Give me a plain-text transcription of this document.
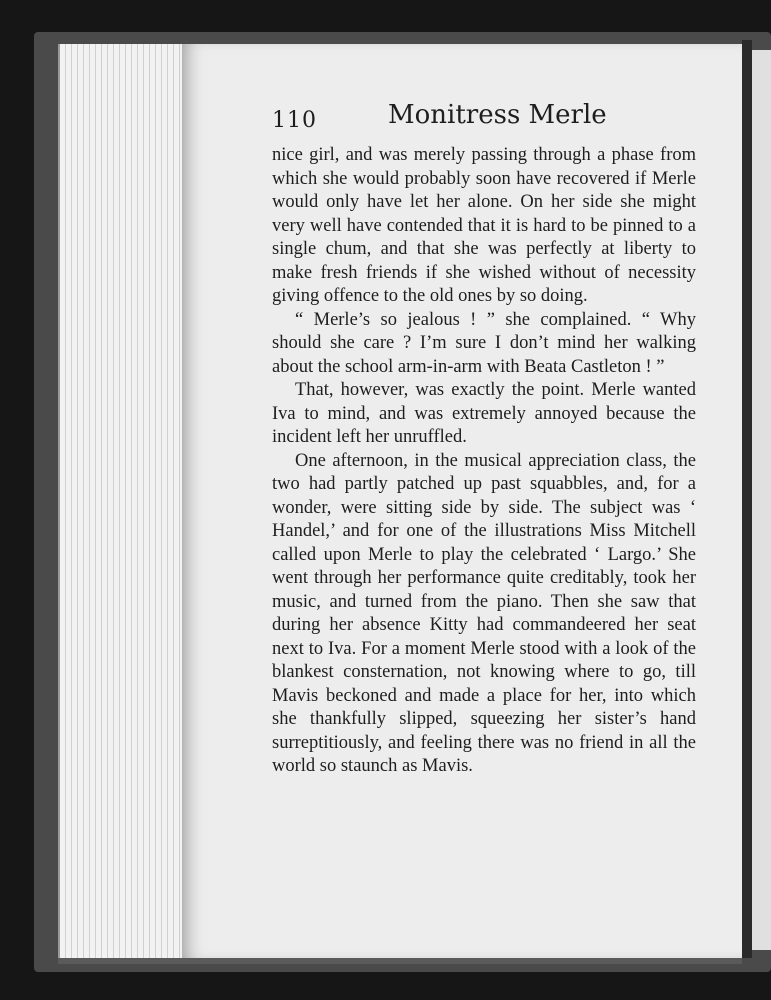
110	Monitress Merle

nice girl, and was merely passing through a phase from which she would probably soon have recovered if Merle would only have let her alone. On her side she might very well have contended that it is hard to be pinned to a single chum, and that she was perfectly at liberty to make fresh friends if she wished without of necessity giving offence to the old ones by so doing.

“ Merle’s so jealous ! ” she complained. “ Why should she care ? I’m sure I don’t mind her walking about the school arm-in-arm with Beata Castleton ! ”

That, however, was exactly the point. Merle wanted Iva to mind, and was extremely annoyed because the incident left her unruffled.

One afternoon, in the musical appreciation class, the two had partly patched up past squabbles, and, for a wonder, were sitting side by side. The subject was ‘ Handel,’ and for one of the illustrations Miss Mitchell called upon Merle to play the celebrated ‘ Largo.’ She went through her performance quite creditably, took her music, and turned from the piano. Then she saw that during her absence Kitty had commandeered her seat next to Iva. For a moment Merle stood with a look of the blankest consternation, not knowing where to go, till Mavis beckoned and made a place for her, into which she thankfully slipped, squeezing her sister’s hand surreptitiously, and feeling there was no friend in all the world so staunch as Mavis.
